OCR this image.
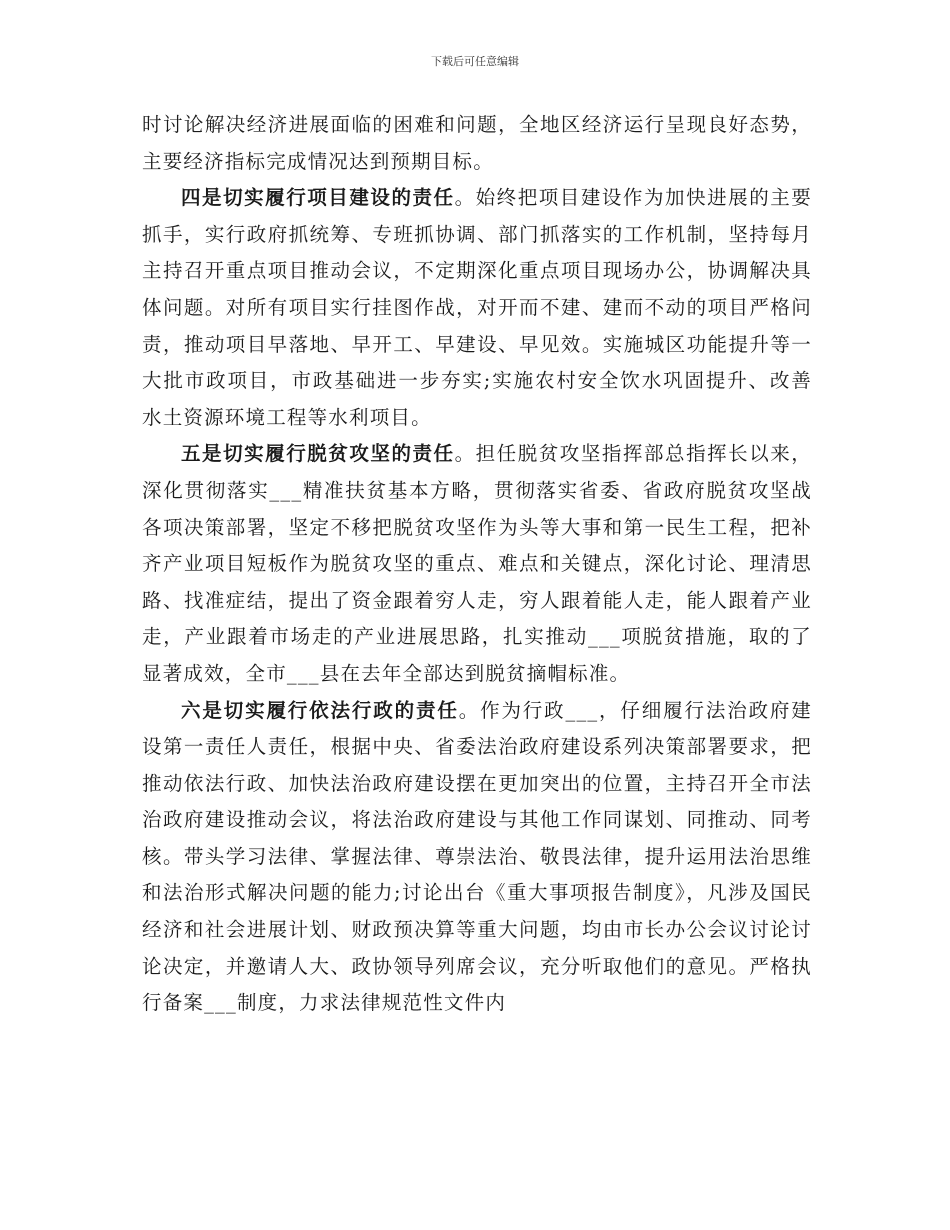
下载后可任意编辑

时讨论解决经济进展面临的困难和问题，全地区经济运行呈现良好态势，主要经济指标完成情况达到预期目标。

四是切实履行项目建设的责任。始终把项目建设作为加快进展的主要抓手，实行政府抓统筹、专班抓协调、部门抓落实的工作机制，坚持每月主持召开重点项目推动会议，不定期深化重点项目现场办公，协调解决具体问题。对所有项目实行挂图作战，对开而不建、建而不动的项目严格问责，推动项目早落地、早开工、早建设、早见效。实施城区功能提升等一大批市政项目，市政基础进一步夯实;实施农村安全饮水巩固提升、改善水土资源环境工程等水利项目。

五是切实履行脱贫攻坚的责任。担任脱贫攻坚指挥部总指挥长以来，深化贯彻落实___精准扶贫基本方略，贯彻落实省委、省政府脱贫攻坚战各项决策部署，坚定不移把脱贫攻坚作为头等大事和第一民生工程，把补齐产业项目短板作为脱贫攻坚的重点、难点和关键点，深化讨论、理清思路、找准症结，提出了资金跟着穷人走，穷人跟着能人走，能人跟着产业走，产业跟着市场走的产业进展思路，扎实推动___项脱贫措施，取的了显著成效，全市___县在去年全部达到脱贫摘帽标准。

六是切实履行依法行政的责任。作为行政___，仔细履行法治政府建设第一责任人责任，根据中央、省委法治政府建设系列决策部署要求，把推动依法行政、加快法治政府建设摆在更加突出的位置，主持召开全市法治政府建设推动会议，将法治政府建设与其他工作同谋划、同推动、同考核。带头学习法律、掌握法律、尊崇法治、敬畏法律，提升运用法治思维和法治形式解决问题的能力;讨论出台《重大事项报告制度》，凡涉及国民经济和社会进展计划、财政预决算等重大问题，均由市长办公会议讨论讨论决定，并邀请人大、政协领导列席会议，充分听取他们的意见。严格执行备案___制度，力求法律规范性文件内
